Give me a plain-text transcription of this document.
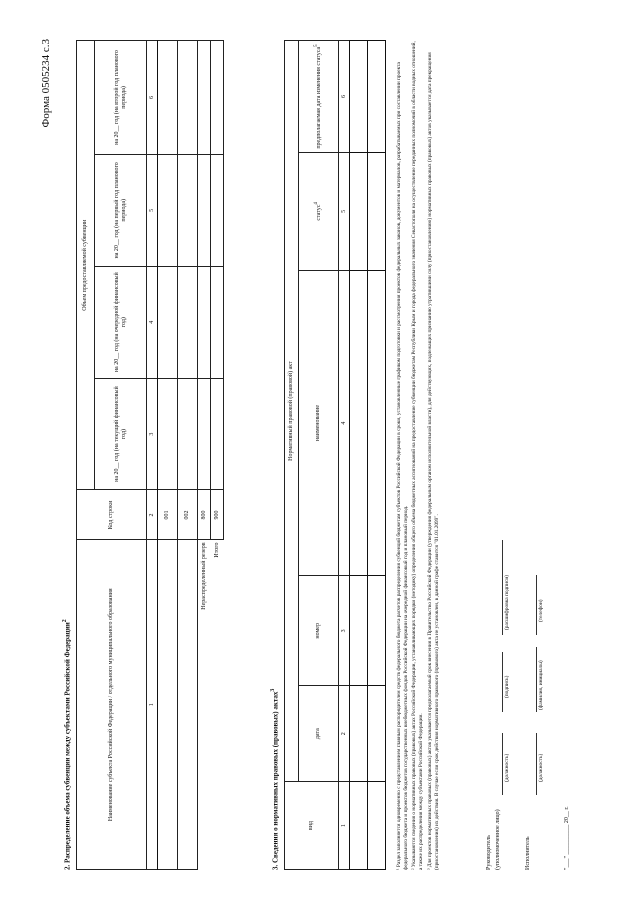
Форма 0505234 с.3
2. Распределение объема субвенции между субъектами Российской Федерации$^2$	Наименование субъекта Российской Федерации / отдельного муниципального образования	Код строки	Объем предоставляемой субвенции			
		на 20__ год (на текущий финансовый год)	на 20__ год (на очередной финансовый год)	на 20__ год (на первый год планового периода)	на 20__ год (на второй год планового периода)
1	2	3	4	5	6
	001				
	002				
Нераспределенный резерв	800				
Итого	900				
3. Сведения о нормативных правовых (правовых) актах$^3$
вид	Нормативный правовой (правовой) акт				
	дата	номер	наименование	статус$^4$	предполагаемая дата изменения статуса$^5$
1	2	3	4	5	6

						¹ Раздел заполняется одновременно с представлением главным распорядителем средств федерального бюджета расчетов распределения субвенций бюджетам субъектов Российской Федерации в сроки, установленные графиком подготовки и рассмотрения проектов федеральных законов, документов и материалов, разрабатываемых при составлении проекта федерального бюджета и проектов бюджетов государственных внебюджетных фондов Российской Федерации на очередной финансовый год и плановый период. ² Указываются сведения о нормативных правовых (правовых) актах Российской Федерации, устанавливающих порядки (методику) определения общего объема бюджетных ассигнований на предоставление субвенции бюджетам Республики Крым и города федерального значения Севастополя на осуществление переданных полномочий в области водных отношений, а также их распределения между субъектами Российской Федерации. ³ Для проектов нормативных правовых (правовых) актов указывается предполагаемый срок внесения в Правительство Российской Федерации (утверждения федеральным органом исполнительной власти), для действующих, подлежащих признанию утратившими силу (приостановлению) нормативных правовых (правовых) актов указывается дата прекращения (приостановления) их действия. В случае если срок действия нормативного правового (правового) акта не установлен, в данной графе ставится "01.01.2099".	Руководитель (уполномоченное лицо)
(должность)
(подпись)
(расшифровка подписи)
Исполнитель
(должность)
(фамилия, инициалы)
(телефон)
"___" __________ 20__ г.
